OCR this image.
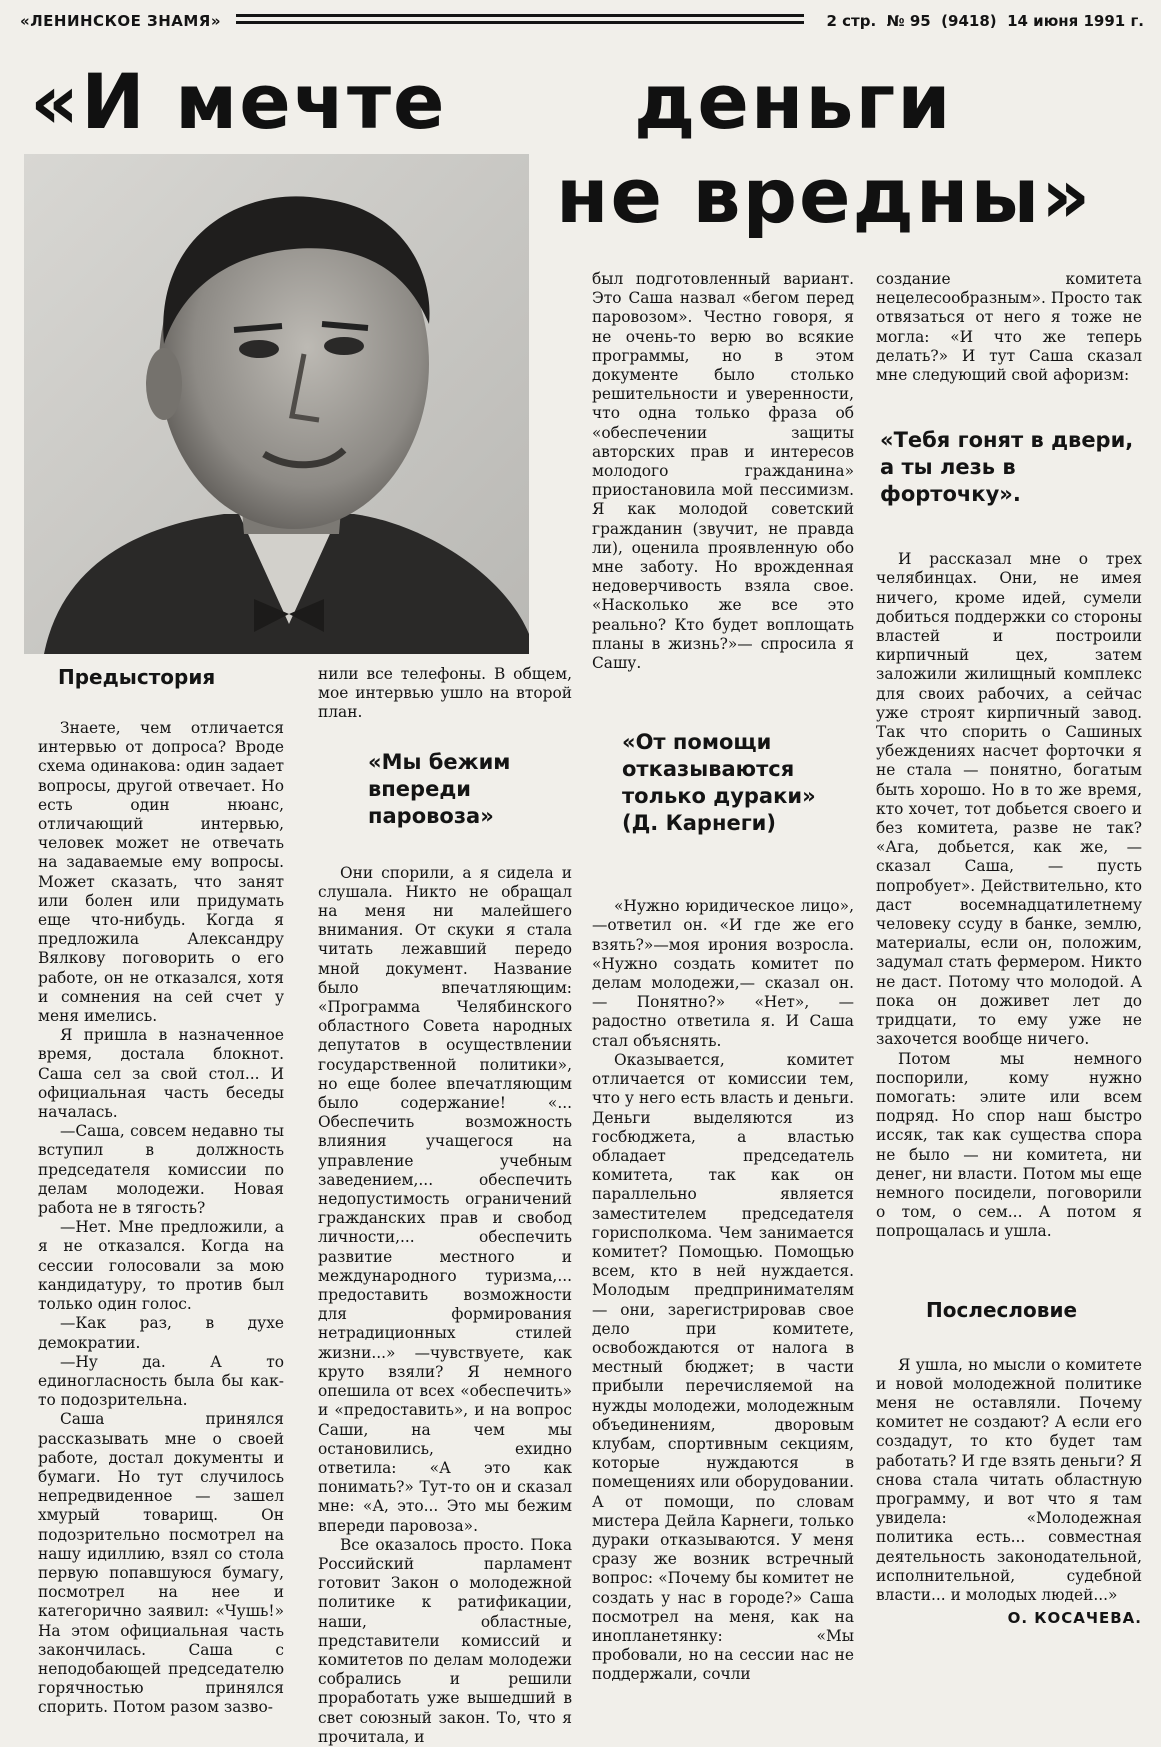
«ЛЕНИНСКОЕ ЗНАМЯ»	2 стр.  № 95  (9418)  14 июня 1991 г.
«И мечте деньги
не вредны»
Предыстория

Знаете, чем отличается интервью от допроса? Вроде схема одинакова: один задает вопросы, другой отвечает. Но есть один нюанс, отличающий интервью, человек может не отвечать на задаваемые ему вопросы. Может сказать, что занят или болен или придумать еще что-нибудь. Когда я предложила Александру Вялкову поговорить о его работе, он не отказался, хотя и сомнения на сей счет у меня имелись.

Я пришла в назначенное время, достала блокнот. Саша сел за свой стол... И официальная часть беседы началась.

—Саша, совсем недавно ты вступил в должность председателя комиссии по делам молодежи. Новая работа не в тягость?

—Нет. Мне предложили, а я не отказался. Когда на сессии голосовали за мою кандидатуру, то против был только один голос.

—Как раз, в духе демократии.

—Ну да. А то единогласность была бы как-то подозрительна.

Саша принялся рассказывать мне о своей работе, достал документы и бумаги. Но тут случилось непредвиденное — зашел хмурый товарищ. Он подозрительно посмотрел на нашу идиллию, взял со стола первую попавшуюся бумагу, посмотрел на нее и категорично заявил: «Чушь!» На этом официальная часть закончилась. Саша с неподобающей председателю горячностью принялся спорить. Потом разом зазво-

нили все телефоны. В общем, мое интервью ушло на второй план.

«Мы бежим впереди паровоза»

Они спорили, а я сидела и слушала. Никто не обращал на меня ни малейшего внимания. От скуки я стала читать лежавший передо мной документ. Название было впечатляющим: «Программа Челябинского областного Совета народных депутатов в осуществлении государственной политики», но еще более впечатляющим было содержание! «... Обеспечить возможность влияния учащегося на управление учебным заведением,... обеспечить недопустимость ограничений гражданских прав и свобод личности,... обеспечить развитие местного и международного туризма,... предоставить возможности для формирования нетрадиционных стилей жизни...» —чувствуете, как круто взяли? Я немного опешила от всех «обеспечить» и «предоставить», и на вопрос Саши, на чем мы остановились, ехидно ответила: «А это как понимать?» Тут-то он и сказал мне: «А, это... Это мы бежим впереди паровоза».

Все оказалось просто. Пока Российский парламент готовит Закон о молодежной политике к ратификации, наши, областные, представители комиссий и комитетов по делам молодежи собрались и решили проработать уже вышедший в свет союзный закон. То, что я прочитала, и

был подготовленный вариант. Это Саша назвал «бегом перед паровозом». Честно говоря, я не очень-то верю во всякие программы, но в этом документе было столько решительности и уверенности, что одна только фраза об «обеспечении защиты авторских прав и интересов молодого гражданина» приостановила мой пессимизм. Я как молодой советский гражданин (звучит, не правда ли), оценила проявленную обо мне заботу. Но врожденная недоверчивость взяла свое. «Насколько же все это реально? Кто будет воплощать планы в жизнь?»— спросила я Сашу.

«От помощи отказываются только дураки» (Д. Карнеги)

«Нужно юридическое лицо»,—ответил он. «И где же его взять?»—моя ирония возросла. «Нужно создать комитет по делам молодежи,— сказал он. — Понятно?» «Нет», — радостно ответила я. И Саша стал объяснять.

Оказывается, комитет отличается от комиссии тем, что у него есть власть и деньги. Деньги выделяются из госбюджета, а властью обладает председатель комитета, так как он параллельно является заместителем председателя горисполкома. Чем занимается комитет? Помощью. Помощью всем, кто в ней нуждается. Молодым предпринимателям — они, зарегистрировав свое дело при комитете, освобождаются от налога в местный бюджет; в части прибыли перечисляемой на нужды молодежи, молодежным объединениям, дворовым клубам, спортивным секциям, которые нуждаются в помещениях или оборудовании. А от помощи, по словам мистера Дейла Карнеги, только дураки отказываются. У меня сразу же возник встречный вопрос: «Почему бы комитет не создать у нас в городе?» Саша посмотрел на меня, как на инопланетянку: «Мы пробовали, но на сессии нас не поддержали, сочли

создание комитета нецелесообразным». Просто так отвязаться от него я тоже не могла: «И что же теперь делать?» И тут Саша сказал мне следующий свой афоризм:

«Тебя гонят в двери, а ты лезь в форточку».

И рассказал мне о трех челябинцах. Они, не имея ничего, кроме идей, сумели добиться поддержки со стороны властей и построили кирпичный цех, затем заложили жилищный комплекс для своих рабочих, а сейчас уже строят кирпичный завод. Так что спорить о Сашиных убеждениях насчет форточки я не стала — понятно, богатым быть хорошо. Но в то же время, кто хочет, тот добьется своего и без комитета, разве не так? «Ага, добьется, как же, — сказал Саша, — пусть попробует». Действительно, кто даст восемнадцатилетнему человеку ссуду в банке, землю, материалы, если он, положим, задумал стать фермером. Никто не даст. Потому что молодой. А пока он доживет лет до тридцати, то ему уже не захочется вообще ничего.

Потом мы немного поспорили, кому нужно помогать: элите или всем подряд. Но спор наш быстро иссяк, так как существа спора не было — ни комитета, ни денег, ни власти. Потом мы еще немного посидели, поговорили о том, о сем... А потом я попрощалась и ушла.

Послесловие

Я ушла, но мысли о комитете и новой молодежной политике меня не оставляли. Почему комитет не создают? А если его создадут, то кто будет там работать? И где взять деньги? Я снова стала читать областную программу, и вот что я там увидела: «Молодежная политика есть... совместная деятельность законодательной, исполнительной, судебной власти... и молодых людей...»

О. КОСАЧЕВА.
